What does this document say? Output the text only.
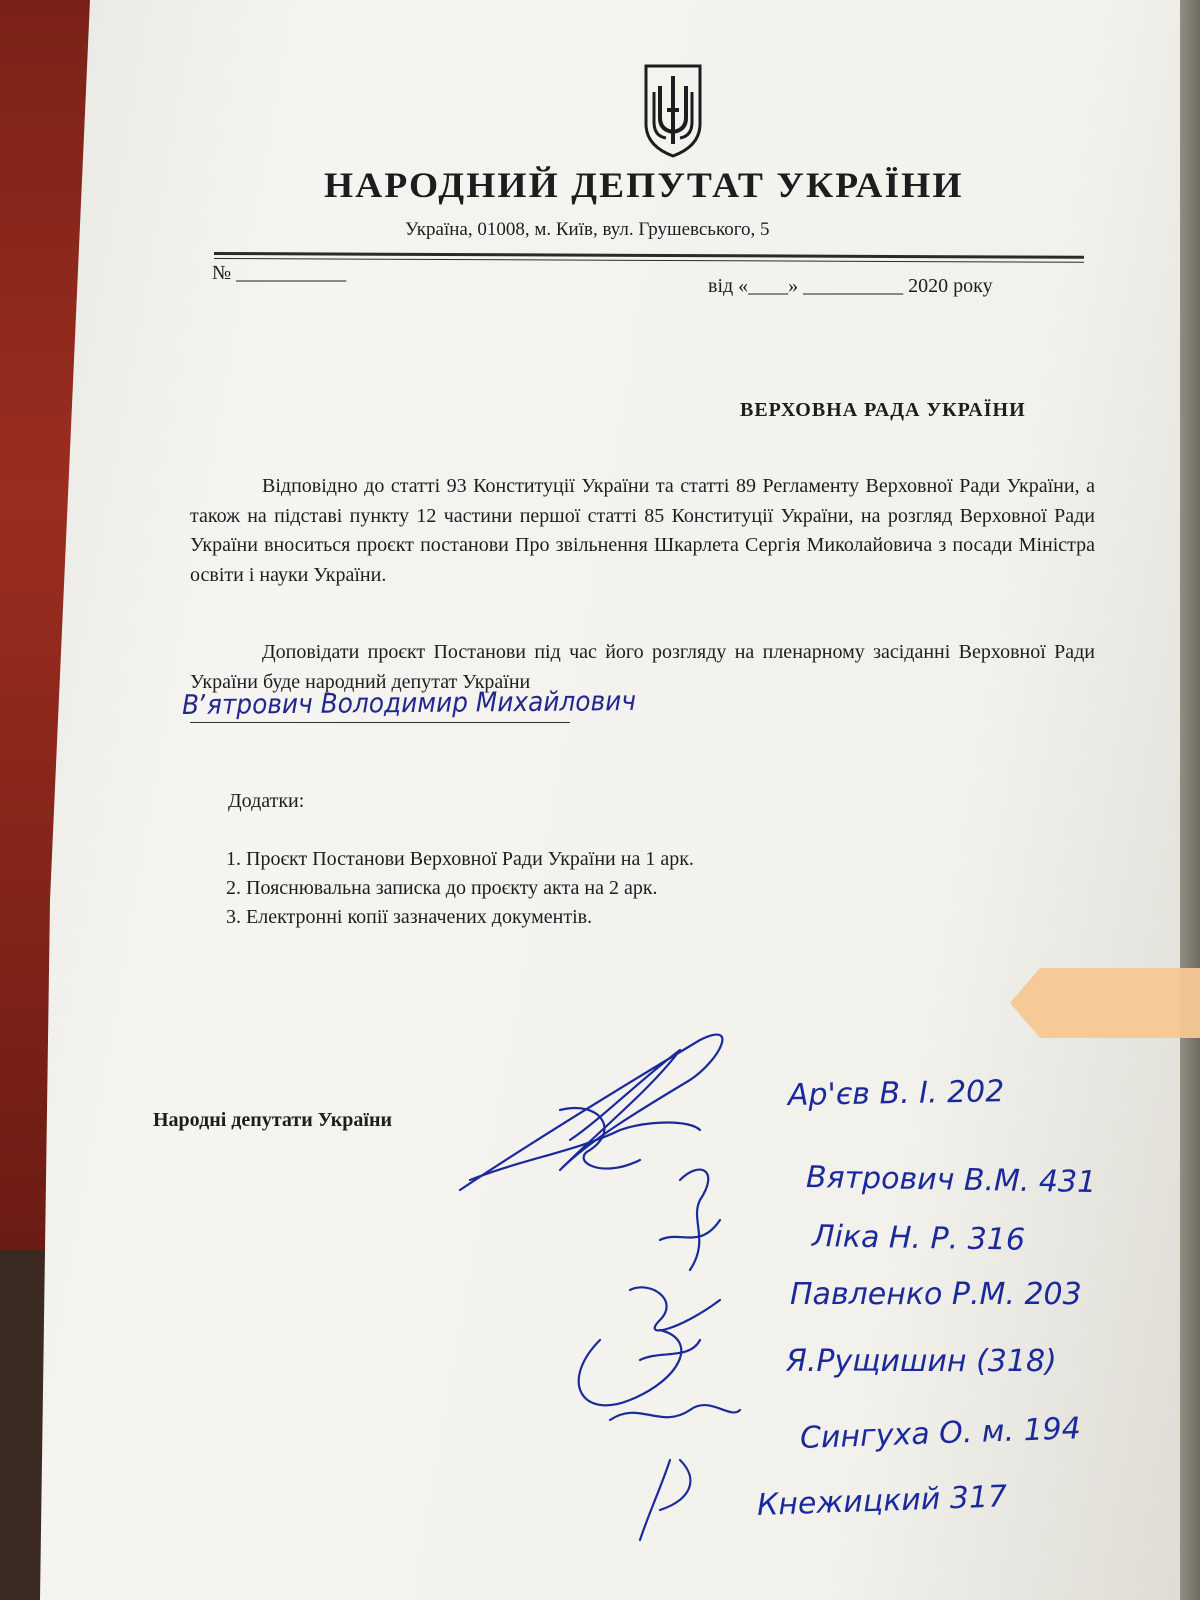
НАРОДНИЙ ДЕПУТАТ УКРАЇНИ
Україна, 01008, м. Київ, вул. Грушевського, 5
№ ___________
від «____» __________ 2020 року
ВЕРХОВНА РАДА УКРАЇНИ

Відповідно до статті 93 Конституції України та статті 89 Регламенту Верховної Ради України, а також на підставі пункту 12 частини першої статті 85 Конституції України, на розгляд Верховної Ради України вноситься проєкт постанови Про звільнення Шкарлета Сергія Миколайовича з посади Міністра освіти і науки України.

Доповідати проєкт Постанови під час його розгляду на пленарному засіданні Верховної Ради України буде народний депутат України

Вʼятрович Володимир Михайлович
Додатки:
1. Проєкт Постанови Верховної Ради України на 1 арк.
2. Пояснювальна записка до проєкту акта на 2 арк.
3. Електронні копії зазначених документів.
Народні депутати України
Ар'єв В. І. 202
Вятрович В.М. 431
Ліка Н. Р. 316
Павленко Р.М. 203
Я.Рущишин (318)
Сингуха О. м. 194
Кнежицкий 317
